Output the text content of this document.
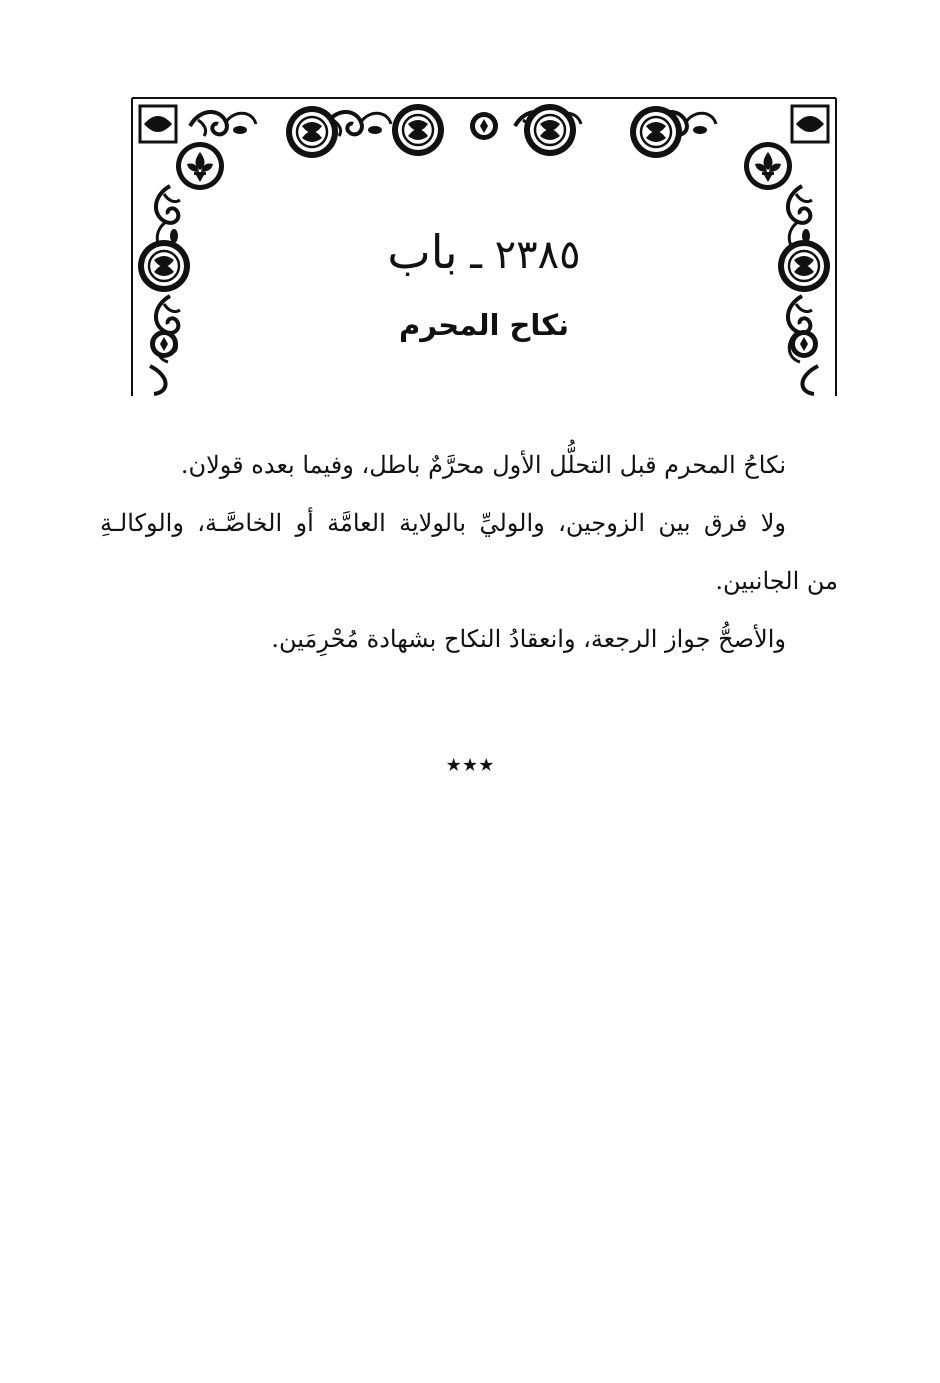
٢٣٨٥ ـ باب
نكاح المحرم
نكاحُ المحرم قبل التحلُّل الأول محرَّمٌ باطل، وفيما بعده قولان.
ولا فرق بين الزوجين، والوليِّ بالولاية العامَّة أو الخاصَّـة، والوكالـةِ
من الجانبين.
والأصحُّ جواز الرجعة، وانعقادُ النكاح بشهادة مُحْرِمَين.
٭٭٭
